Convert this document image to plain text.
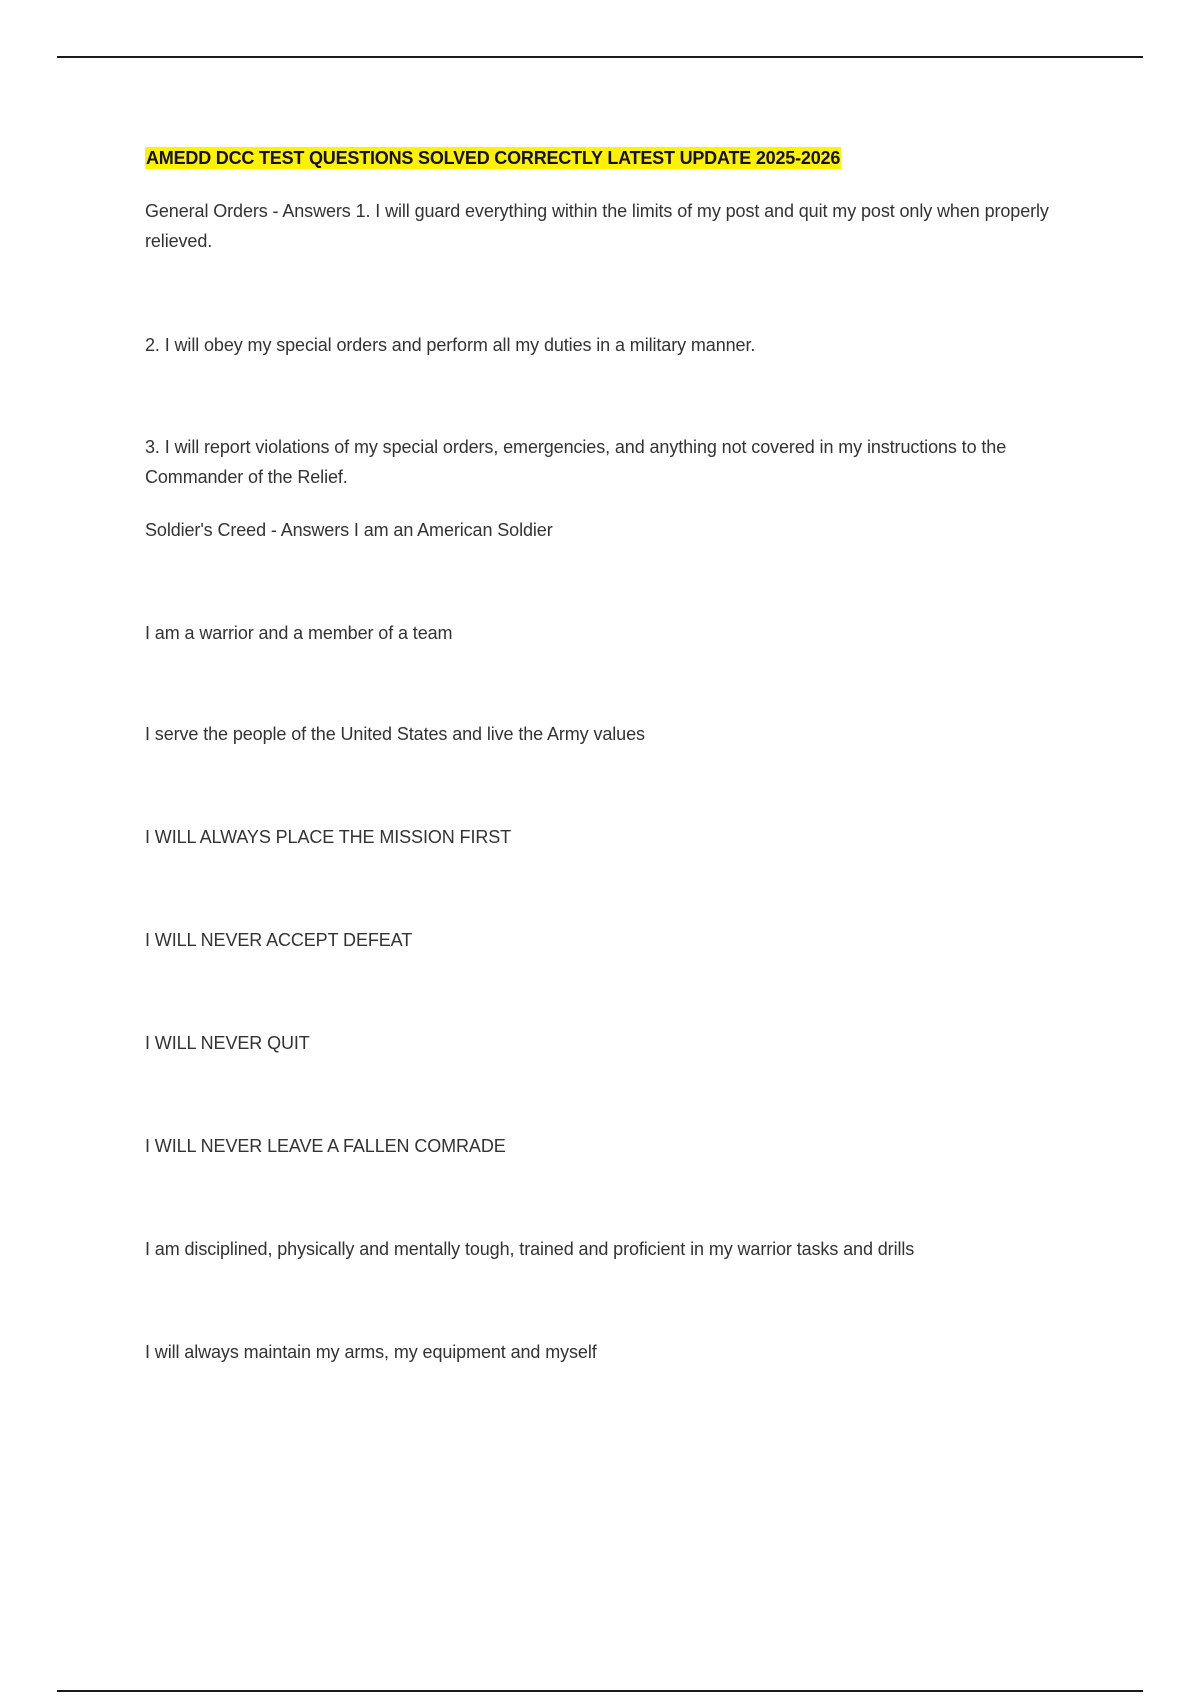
AMEDD DCC TEST QUESTIONS SOLVED CORRECTLY LATEST UPDATE 2025-2026
General Orders - Answers 1. I will guard everything within the limits of my post and quit my post only when properly relieved.
2. I will obey my special orders and perform all my duties in a military manner.
3. I will report violations of my special orders, emergencies, and anything not covered in my instructions to the Commander of the Relief.
Soldier's Creed - Answers I am an American Soldier
I am a warrior and a member of a team
I serve the people of the United States and live the Army values
I WILL ALWAYS PLACE THE MISSION FIRST
I WILL NEVER ACCEPT DEFEAT
I WILL NEVER QUIT
I WILL NEVER LEAVE A FALLEN COMRADE
I am disciplined, physically and mentally tough, trained and proficient in my warrior tasks and drills
I will always maintain my arms, my equipment and myself
